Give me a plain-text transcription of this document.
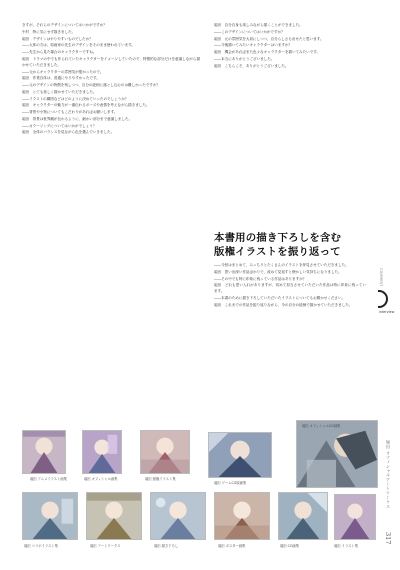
きすが、それらのデザインについてはいかがですか？

中村　特に気にせず描きました。

堀田　デザインはやりやすいものでしたか？

――大体の方は、原画家の先生のデザインをそのまま使われています。

――先生から見た場合のキャラクターですね。

堀田　ドラマの中でも作られていたキャラクターをイメージしていたので、特徴的な部分だけを意識しながら描かせていただきました。

――元からキャラクターの雰囲気が強かったので。

堀田　作業自体は、普通にやりやすかったです。

――元のデザインの特徴を残しつつ、自分の絵柄に落とし込むのは難しかったですか？

堀田　とても楽しく描かせていただきました。

――イラストの構図などはどのように決めていったのでしょうか？

堀田　キャラクターの魅力が一番伝わるポーズや表情を考えながら描きました。

――背景や小物についてもこだわりがあればお願いします。

堀田　背景は世界観が伝わるように、細かい部分まで意識しました。

――カラーリングについてはいかがでしょう？

堀田　全体のバランスを見ながら色を選んでいきました。

堀田　自分自身も楽しみながら描くことができました。

――このデザインについてはいかがですか？

堀田　元の雰囲気を大切にしつつ、自分らしさも出せたと思います。

――今後描いてみたいキャラクターはいますか？

堀田　機会があればまた色々なキャラクターを描いてみたいです。

――本当にありがとうございました。

堀田　こちらこそ、ありがとうございました。

本書用の描き下ろしを含む
版権イラストを振り返って

――今回はまとめて、みっちりとたくさんのイラストを拝見させていただきました。

堀田　思い出深い作品ばかりで、改めて見返すと懐かしい気持ちになりました。

――その中でも特に印象に残っている作品はありますか？

堀田　どれも思い入れがありますが、初めて担当させていただいた作品は特に印象に残っています。

――本書のために描き下ろしていただいたイラストについてもお聞かせください。

堀田　これまでの作品を振り返りながら、今の自分の絵柄で描かせていただきました。

COMMENT
interview
堀田 オフィシャルアートワークス
317
堀田 オフィシャルCG画集
堀田 アニメイラスト画集	堀田 オフィシャル画集	堀田 版権イラスト集
堀田 ゲームCG原画集
堀田 コラボイラスト集	堀田 アートワークス	堀田 描き下ろし	堀田 ポスター画集	堀田 CG画集	堀田 イラスト集
